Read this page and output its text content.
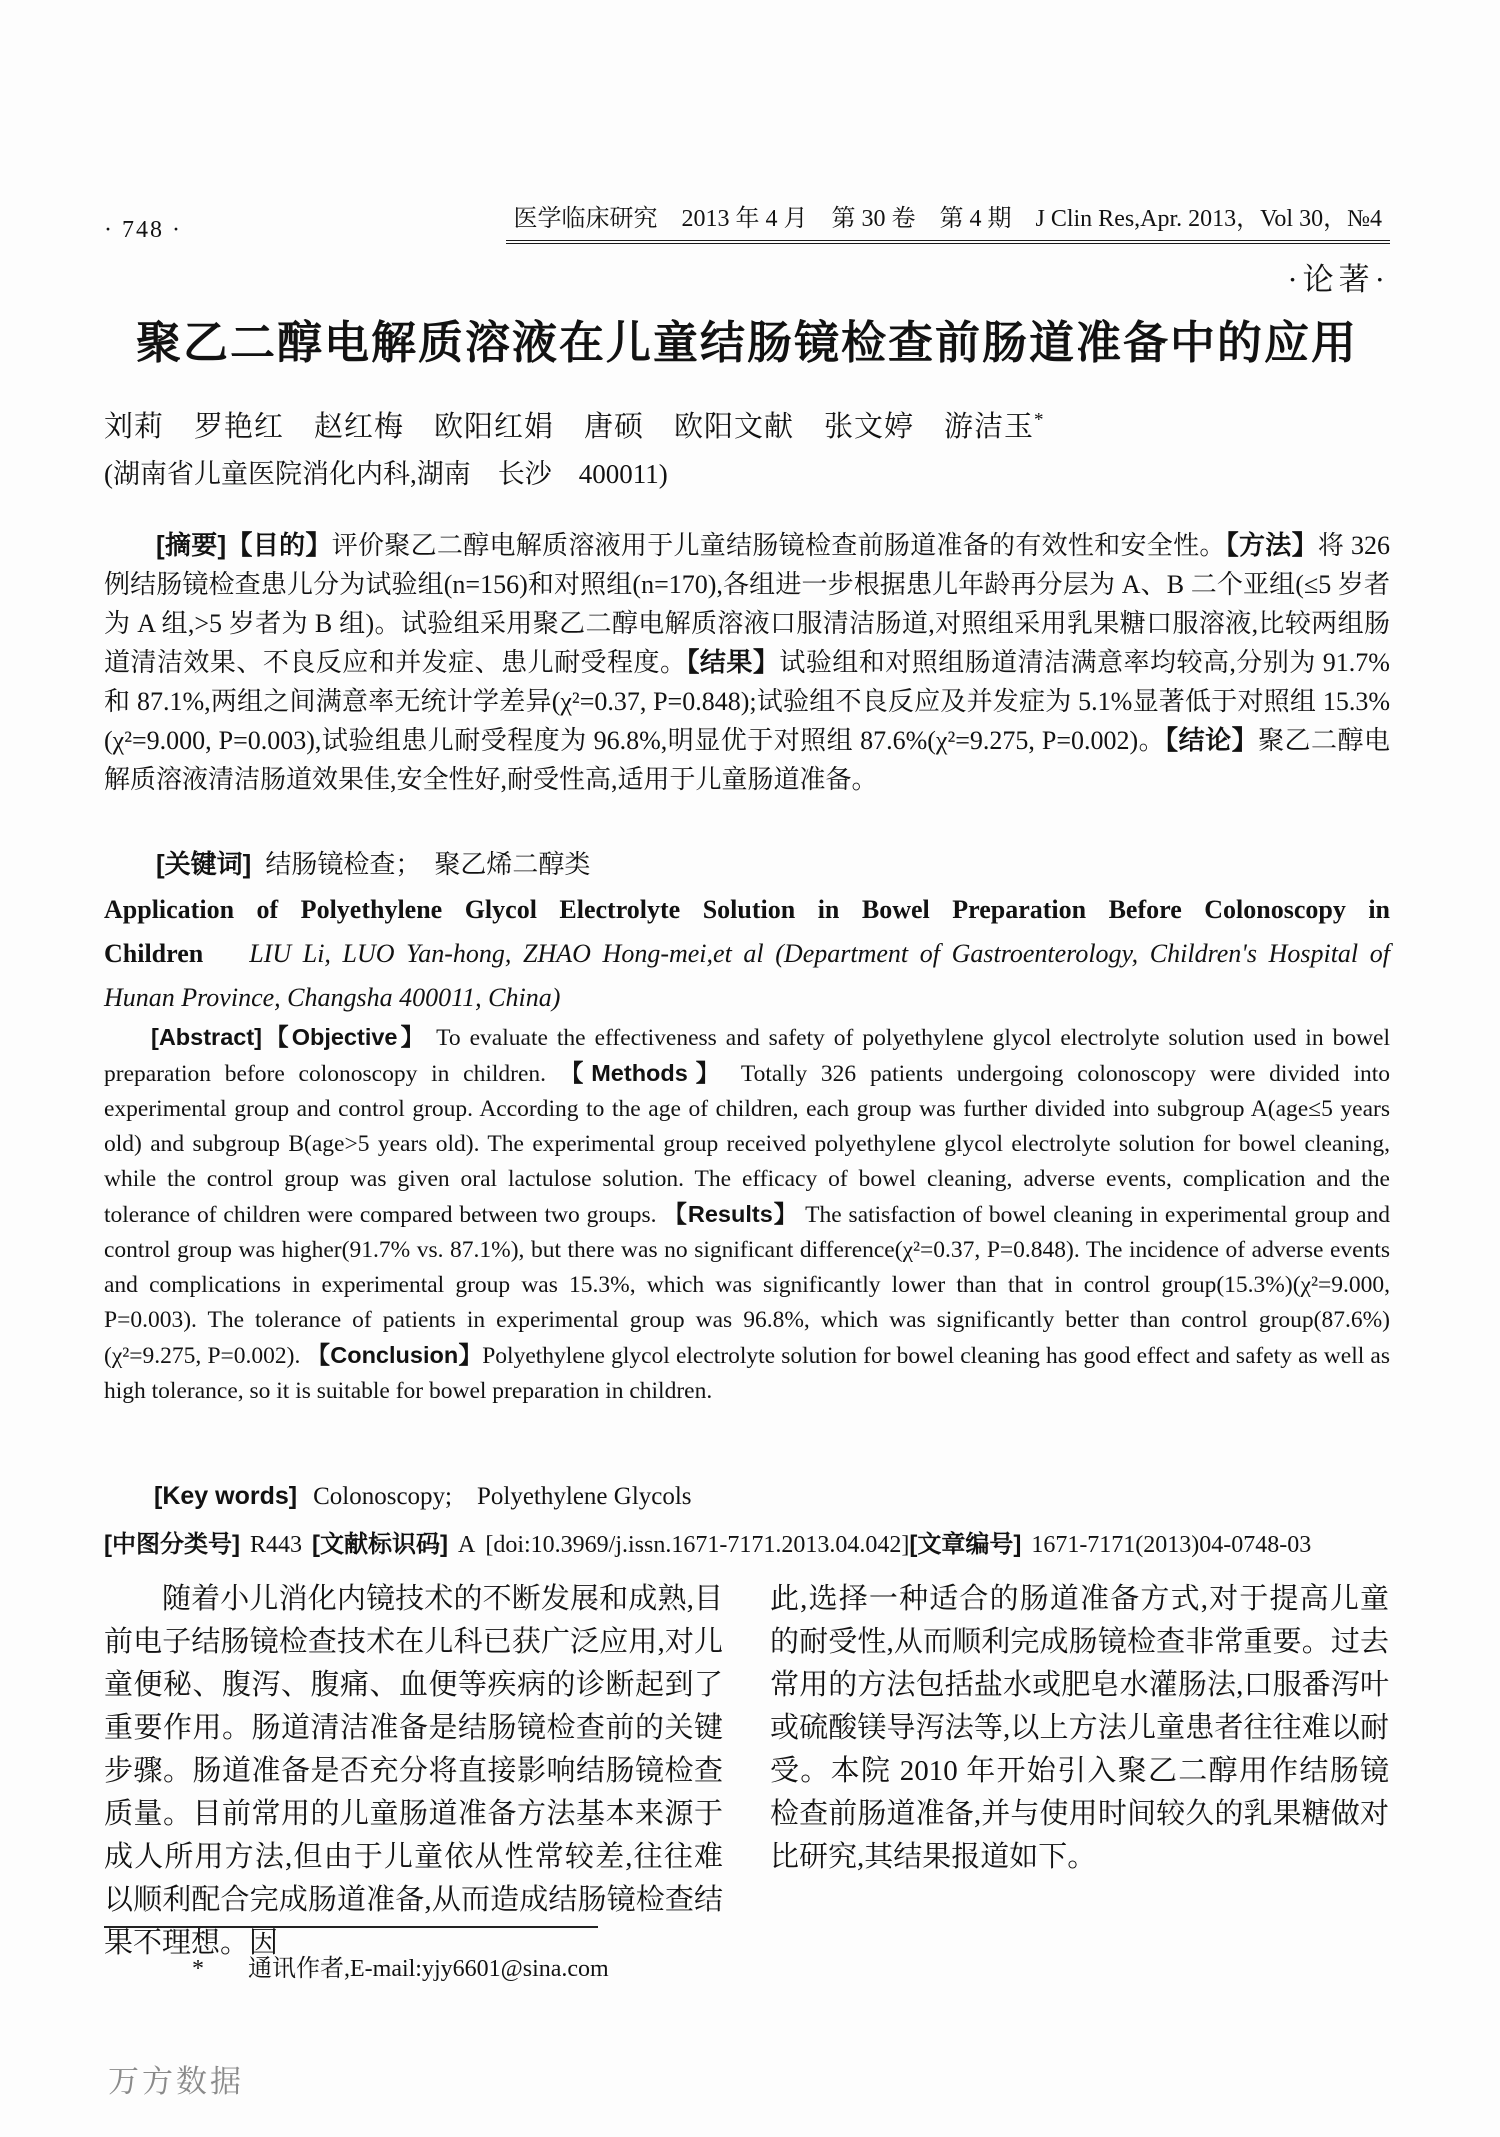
· 748 ·	医学临床研究　2013 年 4 月　第 30 卷　第 4 期　J Clin Res,Apr. 2013，Vol 30，№4
·论著·
聚乙二醇电解质溶液在儿童结肠镜检查前肠道准备中的应用
刘莉　罗艳红　赵红梅　欧阳红娟　唐硕　欧阳文献　张文婷　游洁玉*
(湖南省儿童医院消化内科,湖南　长沙　400011)

[摘要]【目的】评价聚乙二醇电解质溶液用于儿童结肠镜检查前肠道准备的有效性和安全性。【方法】将 326 例结肠镜检查患儿分为试验组(n=156)和对照组(n=170),各组进一步根据患儿年龄再分层为 A、B 二个亚组(≤5 岁者为 A 组,>5 岁者为 B 组)。试验组采用聚乙二醇电解质溶液口服清洁肠道,对照组采用乳果糖口服溶液,比较两组肠道清洁效果、不良反应和并发症、患儿耐受程度。【结果】试验组和对照组肠道清洁满意率均较高,分别为 91.7%和 87.1%,两组之间满意率无统计学差异(χ²=0.37, P=0.848);试验组不良反应及并发症为 5.1%显著低于对照组 15.3%(χ²=9.000, P=0.003),试验组患儿耐受程度为 96.8%,明显优于对照组 87.6%(χ²=9.275, P=0.002)。【结论】聚乙二醇电解质溶液清洁肠道效果佳,安全性好,耐受性高,适用于儿童肠道准备。

[关键词] 结肠镜检查；　聚乙烯二醇类

Application of Polyethylene Glycol Electrolyte Solution in Bowel Preparation Before Colonoscopy in Children LIU Li, LUO Yan-hong, ZHAO Hong-mei,et al (Department of Gastroenterology, Children's Hospital of Hunan Province, Changsha 400011, China)

[Abstract]【Objective】 To evaluate the effectiveness and safety of polyethylene glycol electrolyte solution used in bowel preparation before colonoscopy in children. 【Methods】 Totally 326 patients undergoing colonoscopy were divided into experimental group and control group. According to the age of children, each group was further divided into subgroup A(age≤5 years old) and subgroup B(age>5 years old). The experimental group received polyethylene glycol electrolyte solution for bowel cleaning, while the control group was given oral lactulose solution. The efficacy of bowel cleaning, adverse events, complication and the tolerance of children were compared between two groups. 【Results】 The satisfaction of bowel cleaning in experimental group and control group was higher(91.7% vs. 87.1%), but there was no significant difference(χ²=0.37, P=0.848). The incidence of adverse events and complications in experimental group was 15.3%, which was significantly lower than that in control group(15.3%)(χ²=9.000, P=0.003). The tolerance of patients in experimental group was 96.8%, which was significantly better than control group(87.6%)(χ²=9.275, P=0.002). 【Conclusion】Polyethylene glycol electrolyte solution for bowel cleaning has good effect and safety as well as high tolerance, so it is suitable for bowel preparation in children.

[Key words] Colonoscopy;　Polyethylene Glycols

[中图分类号] R443 [文献标识码] A [doi:10.3969/j.issn.1671-7171.2013.04.042][文章编号] 1671-7171(2013)04-0748-03

随着小儿消化内镜技术的不断发展和成熟,目前电子结肠镜检查技术在儿科已获广泛应用,对儿童便秘、腹泻、腹痛、血便等疾病的诊断起到了重要作用。肠道清洁准备是结肠镜检查前的关键步骤。肠道准备是否充分将直接影响结肠镜检查质量。目前常用的儿童肠道准备方法基本来源于成人所用方法,但由于儿童依从性常较差,往往难以顺利配合完成肠道准备,从而造成结肠镜检查结果不理想。因

此,选择一种适合的肠道准备方式,对于提高儿童的耐受性,从而顺利完成肠镜检查非常重要。过去常用的方法包括盐水或肥皂水灌肠法,口服番泻叶或硫酸镁导泻法等,以上方法儿童患者往往难以耐受。本院 2010 年开始引入聚乙二醇用作结肠镜检查前肠道准备,并与使用时间较久的乳果糖做对比研究,其结果报道如下。

* 通讯作者,E-mail:yjy6601@sina.com
万方数据
